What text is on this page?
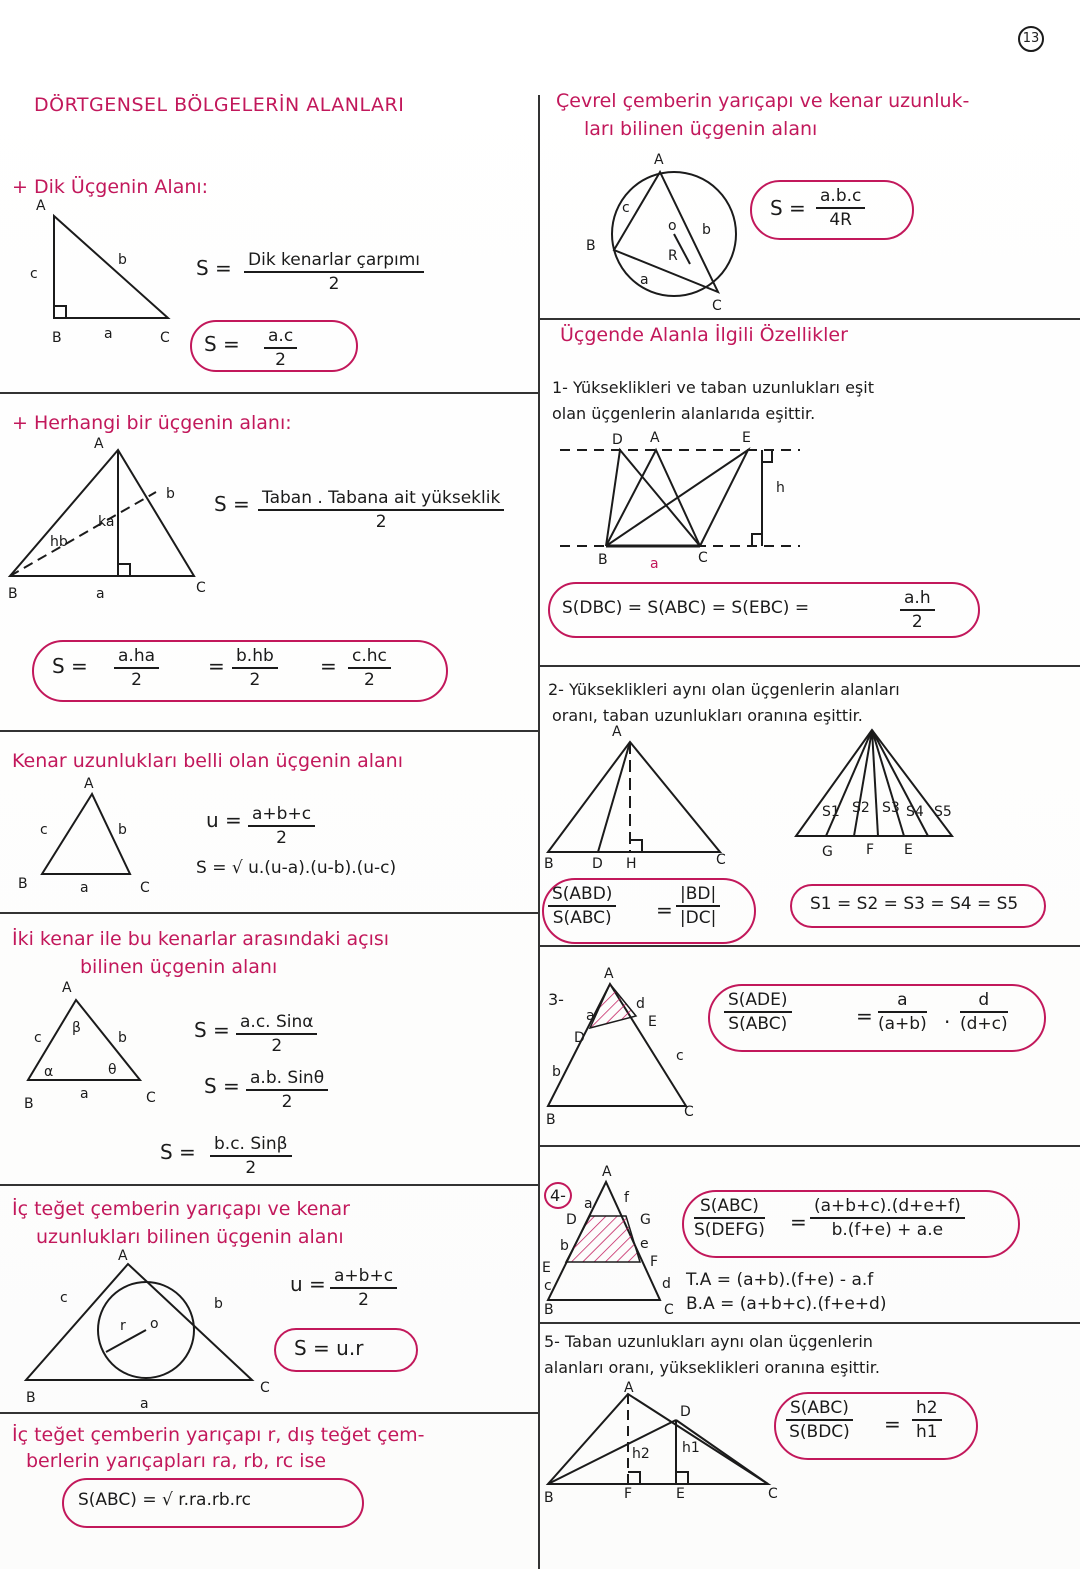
13
DÖRTGENSEL BÖLGELERİN ALANLARI
+ Dik Üçgenin Alanı:
A
b
c
B	a	C
S = Dik kenarlar çarpımı
2
$S = \frac{a.c}{2}$
+ Herhangi bir üçgenin alanı:
A
b
ka
hb
B	a	C
S = Taban . Tabana ait yükseklik
2
$S = \frac{a.ha}{2} = \frac{b.hb}{2} = \frac{c.hc}{2}$
Kenar uzunlukları belli olan üçgenin alanı
A
c	b
B	a	C
$u = \frac{a+b+c}{2}$
S = √ u.(u-a).(u-b).(u-c)
İki kenar ile bu kenarlar arasındaki açısı
bilinen üçgenin alanı
A
β
c	b
α	θ
B
a	C
S = a.c. Sinα
2
S = a.b. Sinθ
2
S = b.c. Sinβ
2
İç teğet çemberin yarıçapı ve kenar
uzunlukları bilinen üçgenin alanı
A
c	b
r o
B	a
C
$u = \frac{a+b+c}{2}$
S = u.r
İç teğet çemberin yarıçapı r, dış teğet çem-
berlerin yarıçapları ra, rb, rc ise
S(ABC) = √ r.ra.rb.rc
Çevrel çemberin yarıçapı ve kenar uzunluk-
ları bilinen üçgenin alanı
A
c
o b
R
B
a
C
$S = \frac{a.b.c}{4R}$
Üçgende Alanla İlgili Özellikler
1- Yükseklikleri ve taban uzunlukları eşit
olan üçgenlerin alanlarıda eşittir.
D A	E
h
B	a	C
S(DBC) = S(ABC) = S(EBC) =	$\frac{a.h}{2}$
2- Yükseklikleri aynı olan üçgenlerin alanları
oranı, taban uzunlukları oranına eşittir.
A
B	D H	C
S1 S2 S3 S4 S5
G F E
S(ABD)
$S(ABC) = \frac{|BD|}{|DC|}$	S1 = S2 = S3 = S4 = S5
3-
A
a
d
D
E
b
c
B	C
S(ADE)
S(ABC)	= $\frac{a}{(a+b)}$ . $\frac{d}{(d+c)}$
4-
A
a f
D	G
b	e
E	F
c	d
B	C
S(ABC)
S(DEFG) = $\frac{(a+b+c).(d+e+f)}{b.(f+e) + a.e}$
T.A = (a+b).(f+e) - a.f
B.A = (a+b+c).(f+e+d)
5- Taban uzunlukları aynı olan üçgenlerin
alanları oranı, yükseklikleri oranına eşittir.
A
D
h2 h1
B	F	E	C
S(ABC)
$S(BDC) = \frac{h2}{h1}$
